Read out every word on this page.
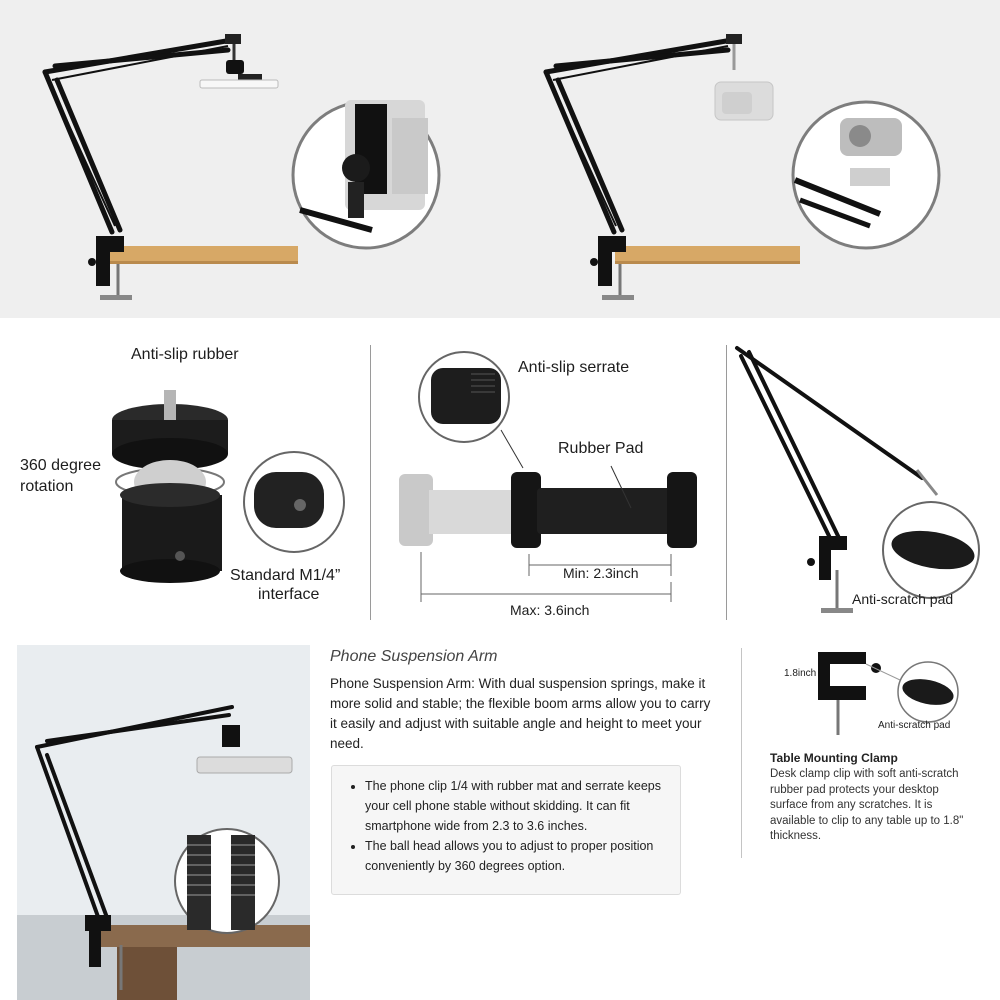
Anti-slip rubber
360 degree
rotation
Standard M1/4”
interface
Anti-slip serrate
Rubber Pad
Min: 2.3inch
Max: 3.6inch
Anti-scratch pad
Phone Suspension Arm
Phone Suspension Arm: With dual suspension springs, make it more solid and stable; the flexible boom arms allow you to carry it easily and adjust with suitable angle and height to meet your need.
• The phone clip 1/4 with rubber mat and serrate keeps your cell phone stable without skidding. It can fit smartphone wide from 2.3 to 3.6 inches.
• The ball head allows you to adjust to proper position conveniently by 360 degrees option.
1.8inch
Anti-scratch pad
Table Mounting Clamp
Desk clamp clip with soft anti-scratch rubber pad protects your desktop surface from any scratches. It is available to clip to any table up to 1.8" thickness.
